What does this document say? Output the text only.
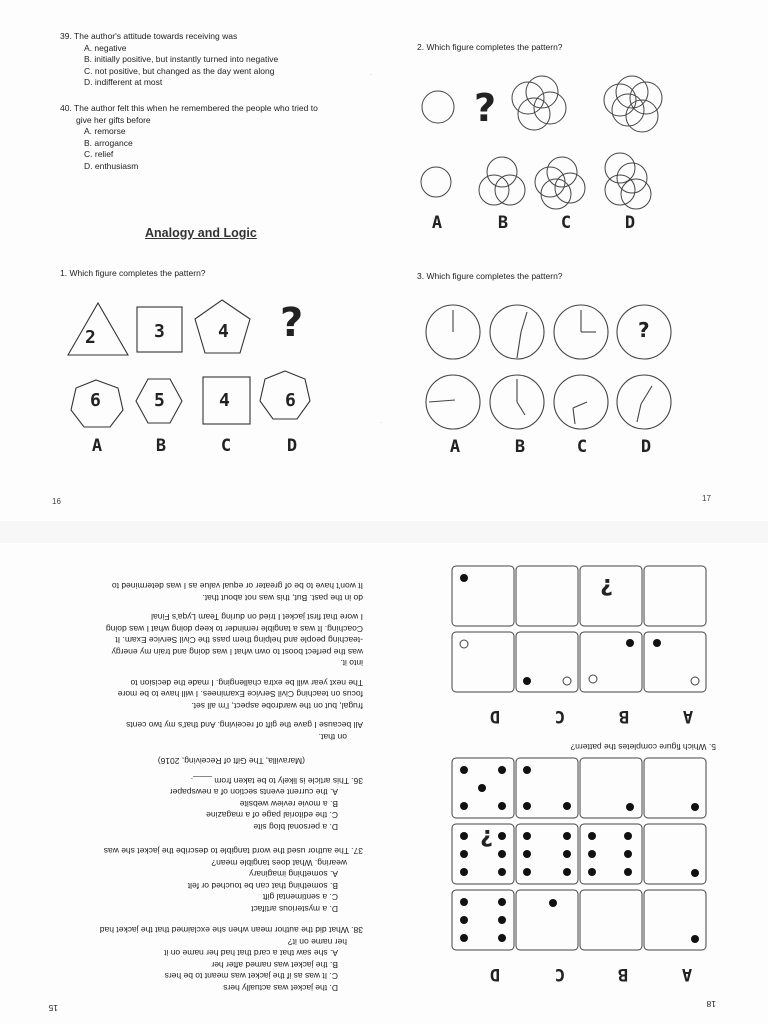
39. The author's attitude towards receiving was
A. negative
B. initially positive, but instantly turned into negative
C. not positive, but changed as the day went along
D. indifferent at most
40. The author felt this when he remembered the people who tried to
give her gifts before
A. remorse
B. arrogance
C. relief
D. enthusiasm
Analogy and Logic
1. Which figure completes the pattern?
2	3	4 ?
6	5	4	6
A	B	C	D
16
2. Which figure completes the pattern?
?
A	B	C	D
3. Which figure completes the pattern?
?
A	B	C	D
17
·
·
18
A
B
C
D
?
5. Which figure completes the pattern?
A
B
C
D
?
15
D. the jacket was actually hers
C. It was as if the jacket was meant to be hers
B. the jacket was named after her
A. she saw that a card that had her name on it
her name on it?
38. What did the author mean when she exclaimed that the jacket had
D. a mysterious artifact
C. a sentimental gift
B. something that can be touched or felt
A. something imaginary
wearing. What does tangible mean?
37. The author used the word tangible to describe the jacket she was
D. a personal blog site
C. the editorial page of a magazine
B. a movie review website
A. the current events section of a newspaper
36. This article is likely to be taken from ____.
(Maravilla, The Gift of Receiving, 2016)
on that.
All because I gave the gift of receiving. And that's my two cents
frugal, but on the wardrobe aspect, I'm all set.
focus on teaching Civil Service Examinees. I will have to be more
The next year will be extra challenging. I made the decision to
into it.
was the perfect boost to own what I was doing and train my energy
-teaching people and helping them pass the Civil Service Exam. It
Coaching. It was a tangible reminder to keep doing what I was doing
I wore that first jacket I tried on during Team Lyqa's Final
do in the past. But, this was not about that.
It won't have to be of greater or equal value as I was determined to
